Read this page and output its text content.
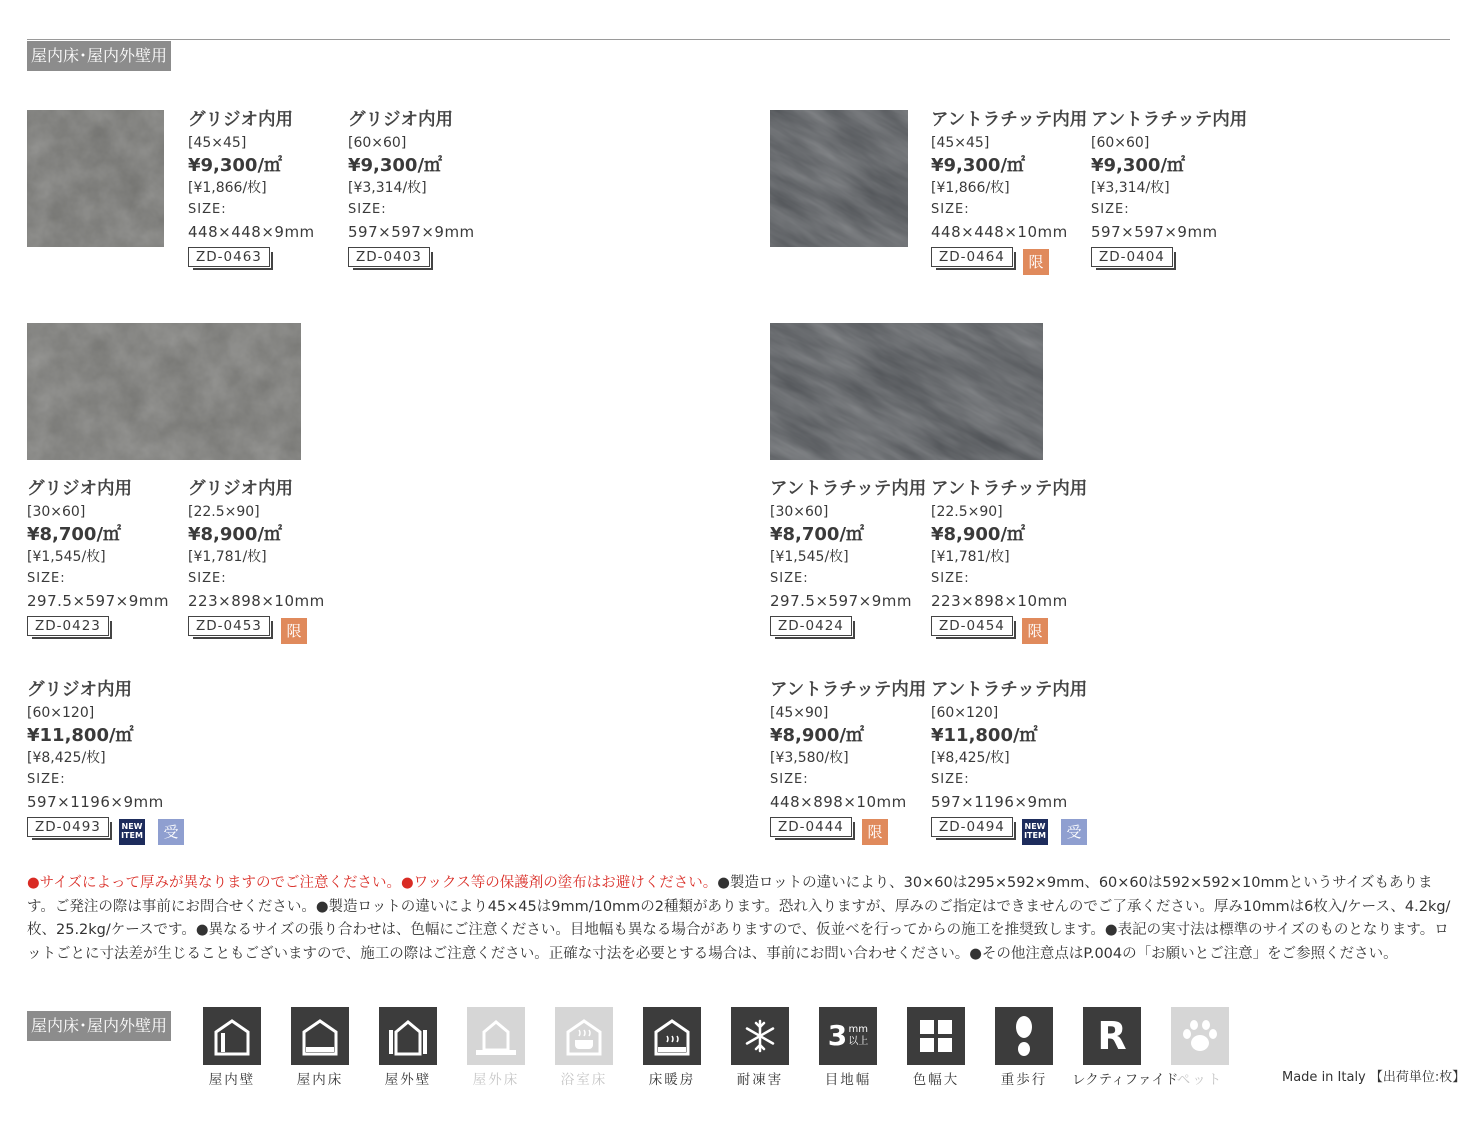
屋内床･屋内外壁用
グリジオ内用
[45×45]
¥9,300/㎡
[¥1,866/枚]
SIZE:
448×448×9mm
ZD-0463
グリジオ内用
[60×60]
¥9,300/㎡
[¥3,314/枚]
SIZE:
597×597×9mm
ZD-0403
アントラチッテ内用
[45×45]
¥9,300/㎡
[¥1,866/枚]
SIZE:
448×448×10mm
ZD-0464	限
アントラチッテ内用
[60×60]
¥9,300/㎡
[¥3,314/枚]
SIZE:
597×597×9mm
ZD-0404
グリジオ内用
[30×60]
¥8,700/㎡
[¥1,545/枚]
SIZE:
297.5×597×9mm
ZD-0423
グリジオ内用
[22.5×90]
¥8,900/㎡
[¥1,781/枚]
SIZE:
223×898×10mm
ZD-0453	限
アントラチッテ内用
[30×60]
¥8,700/㎡
[¥1,545/枚]
SIZE:
297.5×597×9mm
ZD-0424
アントラチッテ内用
[22.5×90]
¥8,900/㎡
[¥1,781/枚]
SIZE:
223×898×10mm
ZD-0454	限
グリジオ内用
[60×120]
¥11,800/㎡
[¥8,425/枚]
SIZE:
597×1196×9mm
ZD-0493	NEW
ITEM	受
アントラチッテ内用
[45×90]
¥8,900/㎡
[¥3,580/枚]
SIZE:
448×898×10mm
ZD-0444	限
アントラチッテ内用
[60×120]
¥11,800/㎡
[¥8,425/枚]
SIZE:
597×1196×9mm
ZD-0494	NEW
ITEM	受
●サイズによって厚みが異なりますのでご注意ください。●ワックス等の保護剤の塗布はお避けください。●製造ロットの違いにより、30×60は295×592×9mm、60×60は592×592×10mmというサイズもあります。ご発注の際は事前にお問合せください。●製造ロットの違いにより45×45は9mm/10mmの2種類があります。恐れ入りますが、厚みのご指定はできませんのでご了承ください。厚み10mmは6枚入/ケース、4.2kg/枚、25.2kg/ケースです。●異なるサイズの張り合わせは、色幅にご注意ください。目地幅も異なる場合がありますので、仮並べを行ってからの施工を推奨致します。●表記の実寸法は標準のサイズのものとなります。ロットごとに寸法差が生じることもございますので、施工の際はご注意ください。正確な寸法を必要とする場合は、事前にお問い合わせください。●その他注意点はP.004の「お願いとご注意」をご参照ください。
屋内床･屋内外壁用
屋内壁	屋内床	屋外壁	屋外床	浴室床	床暖房	耐凍害
3 mm
以上
目地幅	色幅大	重歩行
R
レクティファイド
ペット	Made in Italy 【出荷単位:枚】
